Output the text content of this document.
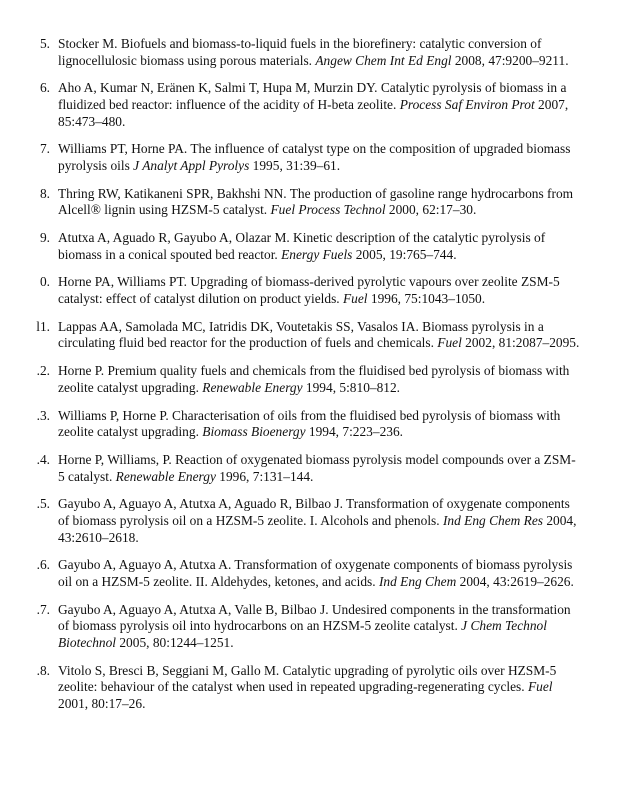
5. Stocker M. Biofuels and biomass-to-liquid fuels in the biorefinery: catalytic conversion of lignocellulosic biomass using porous materials. Angew Chem Int Ed Engl 2008, 47:9200–9211.
6. Aho A, Kumar N, Eränen K, Salmi T, Hupa M, Murzin DY. Catalytic pyrolysis of biomass in a fluidized bed reactor: influence of the acidity of H-beta zeolite. Process Saf Environ Prot 2007, 85:473–480.
7. Williams PT, Horne PA. The influence of catalyst type on the composition of upgraded biomass pyrolysis oils J Analyt Appl Pyrolys 1995, 31:39–61.
8. Thring RW, Katikaneni SPR, Bakhshi NN. The production of gasoline range hydrocarbons from Alcell® lignin using HZSM-5 catalyst. Fuel Process Technol 2000, 62:17–30.
9. Atutxa A, Aguado R, Gayubo A, Olazar M. Kinetic description of the catalytic pyrolysis of biomass in a conical spouted bed reactor. Energy Fuels 2005, 19:765–744.
0. Horne PA, Williams PT. Upgrading of biomass-derived pyrolytic vapours over zeolite ZSM-5 catalyst: effect of catalyst dilution on product yields. Fuel 1996, 75:1043–1050.
l1. Lappas AA, Samolada MC, Iatridis DK, Voutetakis SS, Vasalos IA. Biomass pyrolysis in a circulating fluid bed reactor for the production of fuels and chemicals. Fuel 2002, 81:2087–2095.
.2. Horne P. Premium quality fuels and chemicals from the fluidised bed pyrolysis of biomass with zeolite catalyst upgrading. Renewable Energy 1994, 5:810–812.
.3. Williams P, Horne P. Characterisation of oils from the fluidised bed pyrolysis of biomass with zeolite catalyst upgrading. Biomass Bioenergy 1994, 7:223–236.
.4. Horne P, Williams, P. Reaction of oxygenated biomass pyrolysis model compounds over a ZSM-5 catalyst. Renewable Energy 1996, 7:131–144.
.5. Gayubo A, Aguayo A, Atutxa A, Aguado R, Bilbao J. Transformation of oxygenate components of biomass pyrolysis oil on a HZSM-5 zeolite. I. Alcohols and phenols. Ind Eng Chem Res 2004, 43:2610–2618.
.6. Gayubo A, Aguayo A, Atutxa A. Transformation of oxygenate components of biomass pyrolysis oil on a HZSM-5 zeolite. II. Aldehydes, ketones, and acids. Ind Eng Chem 2004, 43:2619–2626.
.7. Gayubo A, Aguayo A, Atutxa A, Valle B, Bilbao J. Undesired components in the transformation of biomass pyrolysis oil into hydrocarbons on an HZSM-5 zeolite catalyst. J Chem Technol Biotechnol 2005, 80:1244–1251.
.8. Vitolo S, Bresci B, Seggiani M, Gallo M. Catalytic upgrading of pyrolytic oils over HZSM-5 zeolite: behaviour of the catalyst when used in repeated upgrading-regenerating cycles. Fuel 2001, 80:17–26.
